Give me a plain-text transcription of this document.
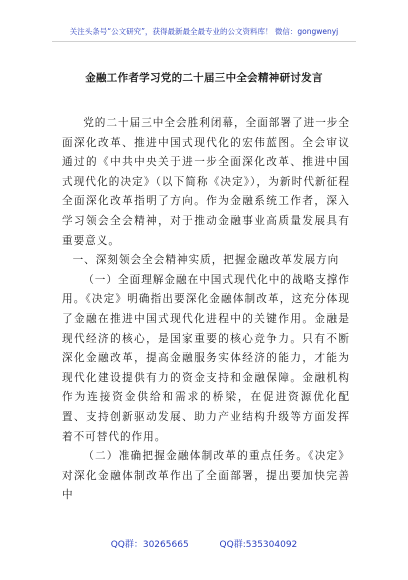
关注头条号“公文研究”，获得最新最全最专业的公文资料库！ 微信：gongwenyj
金融工作者学习党的二十届三中全会精神研讨发言

党的二十届三中全会胜利闭幕，全面部署了进一步全面深化改革、推进中国式现代化的宏伟蓝图。全会审议通过的《中共中央关于进一步全面深化改革、推进中国式现代化的决定》（以下简称《决定》），为新时代新征程全面深化改革指明了方向。作为金融系统工作者，深入学习领会全会精神，对于推动金融事业高质量发展具有重要意义。

一、深刻领会全会精神实质，把握金融改革发展方向

（一）全面理解金融在中国式现代化中的战略支撑作用。《决定》明确指出要深化金融体制改革，这充分体现了金融在推进中国式现代化进程中的关键作用。金融是现代经济的核心，是国家重要的核心竞争力。只有不断深化金融改革，提高金融服务实体经济的能力，才能为现代化建设提供有力的资金支持和金融保障。金融机构作为连接资金供给和需求的桥梁，在促进资源优化配置、支持创新驱动发展、助力产业结构升级等方面发挥着不可替代的作用。

（二）准确把握金融体制改革的重点任务。《决定》对深化金融体制改革作出了全面部署，提出要加快完善中

QQ群：30265665	QQ群:535304092
